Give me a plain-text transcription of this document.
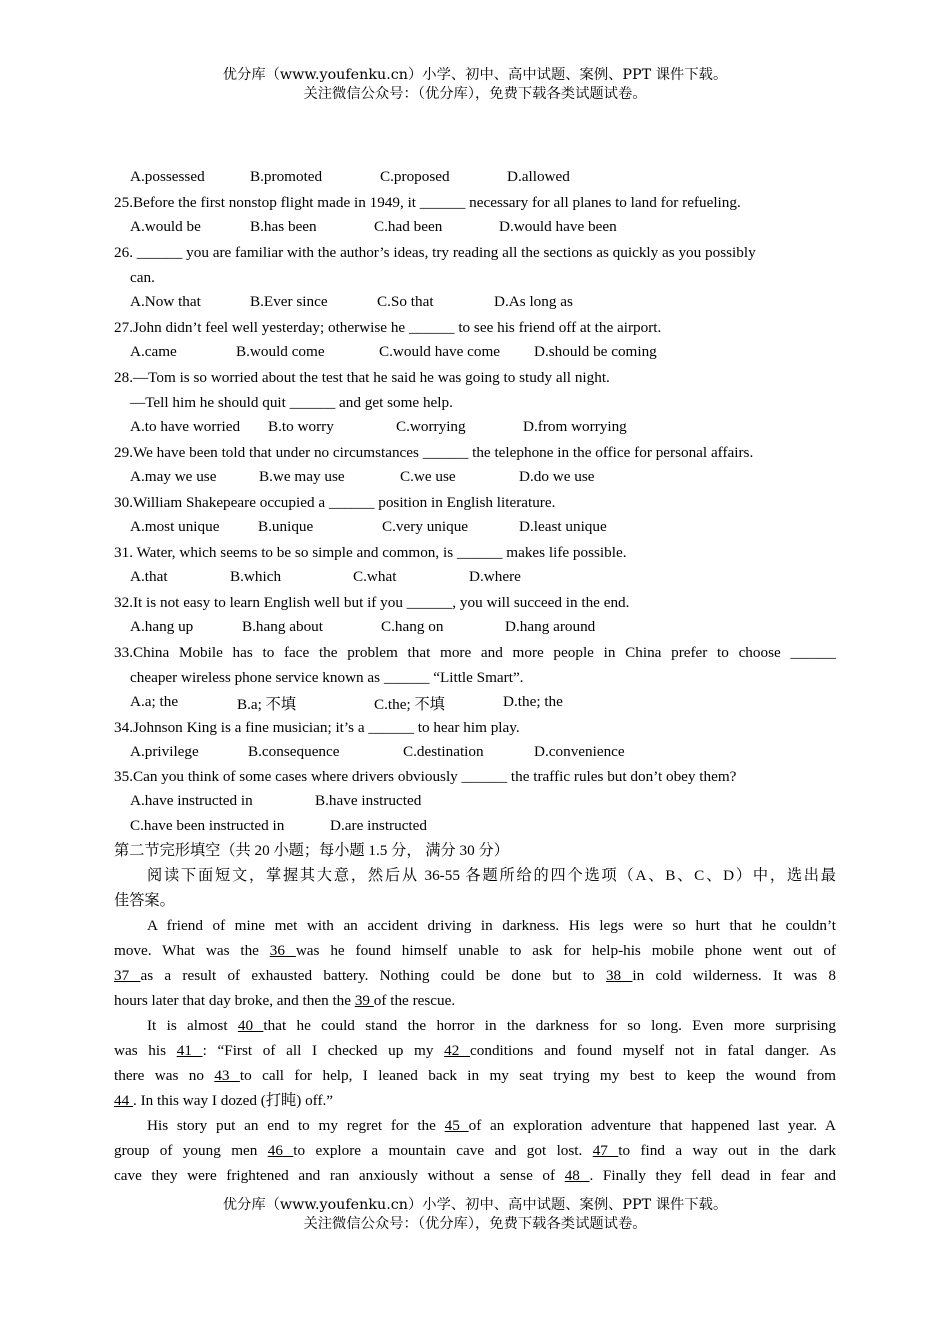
优分库（www.youfenku.cn）小学、初中、高中试题、案例、PPT 课件下载。
关注微信公众号：（优分库），免费下载各类试题试卷。
A.possessed	B.promoted	C.proposed	D.allowed
25.Before the first nonstop flight made in 1949, it ______ necessary for all planes to land for refueling.
A.would be	B.has been	C.had been	D.would have been
26. ______ you are familiar with the author’s ideas, try reading all the sections as quickly as you possibly
can.
A.Now that	B.Ever since	C.So that	D.As long as
27.John didn’t feel well yesterday; otherwise he ______ to see his friend off at the airport.
A.came	B.would come	C.would have come D.should be coming
28.—Tom is so worried about the test that he said he was going to study all night.
—Tell him he should quit ______ and get some help.
A.to have worried B.to worry	C.worrying	D.from worrying
29.We have been told that under no circumstances ______ the telephone in the office for personal affairs.
A.may we use	B.we may use	C.we use	D.do we use
30.William Shakepeare occupied a ______ position in English literature.
A.most unique	B.unique	C.very unique	D.least unique
31. Water, which seems to be so simple and common, is ______ makes life possible.
A.that	B.which	C.what	D.where
32.It is not easy to learn English well but if you ______, you will succeed in the end.
A.hang up	B.hang about	C.hang on	D.hang around
33.China Mobile has to face the problem that more and more people in China prefer to choose ______
cheaper wireless phone service known as ______ “Little Smart”.
A.a; the	B.a; 不填	C.the; 不填	D.the; the
34.Johnson King is a fine musician; it’s a ______ to hear him play.
A.privilege	B.consequence	C.destination	D.convenience
35.Can you think of some cases where drivers obviously ______ the traffic rules but don’t obey them?
A.have instructed in	B.have instructed
C.have been instructed in	D.are instructed
第二节完形填空（共 20 小题；每小题 1.5 分， 满分 30 分）
阅读下面短文，掌握其大意，然后从 36-55 各题所给的四个选项（A、B、C、D）中，选出最
佳答案。
A friend of mine met with an accident driving in darkness. His legs were so hurt that he couldn’t
move. What was the 36 was he found himself unable to ask for help-his mobile phone went out of
37 as a result of exhausted battery. Nothing could be done but to 38 in cold wilderness. It was 8
hours later that day broke, and then the 39 of the rescue.
It is almost 40 that he could stand the horror in the darkness for so long. Even more surprising
was his 41 : “First of all I checked up my 42 conditions and found myself not in fatal danger. As
there was no 43 to call for help, I leaned back in my seat trying my best to keep the wound from
44 . In this way I dozed (打盹) off.”
His story put an end to my regret for the 45 of an exploration adventure that happened last year. A
group of young men 46 to explore a mountain cave and got lost. 47 to find a way out in the dark
cave they were frightened and ran anxiously without a sense of 48 . Finally they fell dead in fear and
优分库（www.youfenku.cn）小学、初中、高中试题、案例、PPT 课件下载。
关注微信公众号：（优分库），免费下载各类试题试卷。
